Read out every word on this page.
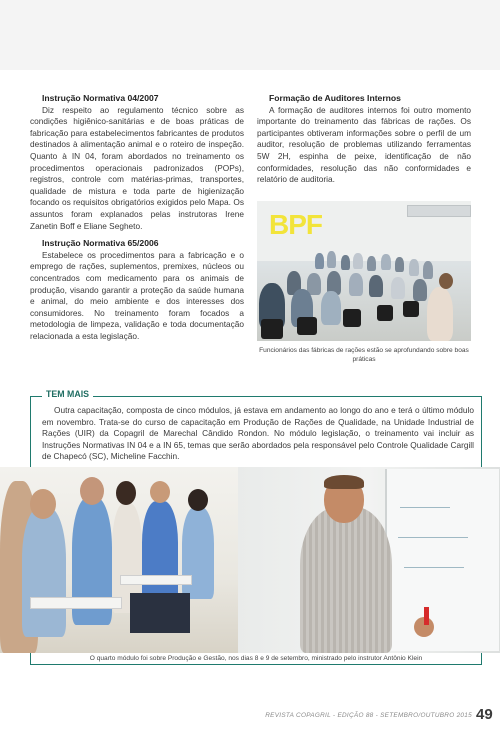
Instrução Normativa 04/2007

Diz respeito ao regulamento técnico sobre as condições higiênico-sanitárias e de boas práticas de fabricação para estabelecimentos fabricantes de produtos destinados à alimentação animal e o roteiro de inspeção. Quanto à IN 04, foram abordados no treinamento os procedimentos operacionais padronizados (POPs), registros, controle com matérias-primas, transportes, qualidade de mistura e toda parte de higienização focando os requisitos obrigatórios exigidos pelo Mapa. Os assuntos foram explanados pelas instrutoras Irene Zanetin Boff e Eliane Segheto.

Instrução Normativa 65/2006

Estabelece os procedimentos para a fabricação e o emprego de rações, suplementos, premixes, núcleos ou concentrados com medicamento para os animais de produção, visando garantir a proteção da saúde humana e animal, do meio ambiente e dos interesses dos consumidores. No treinamento foram focados a metodologia de limpeza, validação e toda documentação relacionada a esta legislação.

Formação de Auditores Internos

A formação de auditores internos foi outro momento importante do treinamento das fábricas de rações. Os participantes obtiveram informações sobre o perfil de um auditor, resolução de problemas utilizando ferramentas 5W 2H, espinha de peixe, identificação de não conformidades, resolução das não conformidades e relatório de auditoria.

BPF
Funcionários das fábricas de rações estão se aprofundando sobre boas práticas
TEM MAIS

Outra capacitação, composta de cinco módulos, já estava em andamento ao longo do ano e terá o último módulo em novembro. Trata-se do curso de capacitação em Produção de Rações de Qualidade, na Unidade Industrial de Rações (UIR) da Copagril de Marechal Cândido Rondon. No módulo legislação, o treinamento vai incluir as Instruções Normativas IN 04 e a IN 65, temas que serão abordados pela responsável pelo Controle Qualidade Cargill de Chapecó (SC), Micheline Facchin.

O quarto módulo foi sobre Produção e Gestão, nos dias 8 e 9 de setembro, ministrado pelo instrutor Antônio Klein
REVISTA COPAGRIL - EDIÇÃO 88 - SETEMBRO/OUTUBRO 2015 49
